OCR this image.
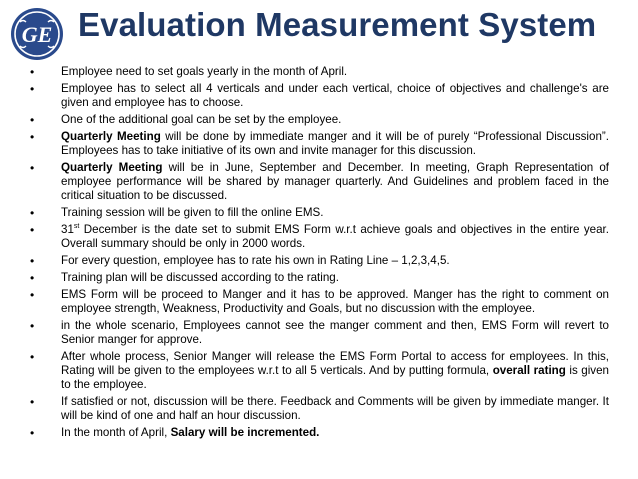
GE Evaluation Measurement System
• Employee need to set goals yearly in the month of April.
• Employee has to select all 4 verticals and under each vertical, choice of objectives and challenge's are given and employee has to choose.
• One of the additional goal can be set by the employee.
• Quarterly Meeting will be done by immediate manger and it will be of purely “Professional Discussion”. Employees has to take initiative of its own and invite manager for this discussion.
• Quarterly Meeting will be in June, September and December. In meeting, Graph Representation of employee performance will be shared by manager quarterly. And Guidelines and problem faced in the critical situation to be discussed.
• Training session will be given to fill the online EMS.
• 31st December is the date set to submit EMS Form w.r.t achieve goals and objectives in the entire year. Overall summary should be only in 2000 words.
• For every question, employee has to rate his own in Rating Line – 1,2,3,4,5.
• Training plan will be discussed according to the rating.
• EMS Form will be proceed to Manger and it has to be approved. Manger has the right to comment on employee strength, Weakness, Productivity and Goals, but no discussion with the employee.
• in the whole scenario, Employees cannot see the manger comment and then, EMS Form will revert to Senior manger for approve.
• After whole process, Senior Manger will release the EMS Form Portal to access for employees. In this, Rating will be given to the employees w.r.t to all 5 verticals. And by putting formula, overall rating is given to the employee.
• If satisfied or not, discussion will be there. Feedback and Comments will be given by immediate manger. It will be kind of one and half an hour discussion.
• In the month of April, Salary will be incremented.
